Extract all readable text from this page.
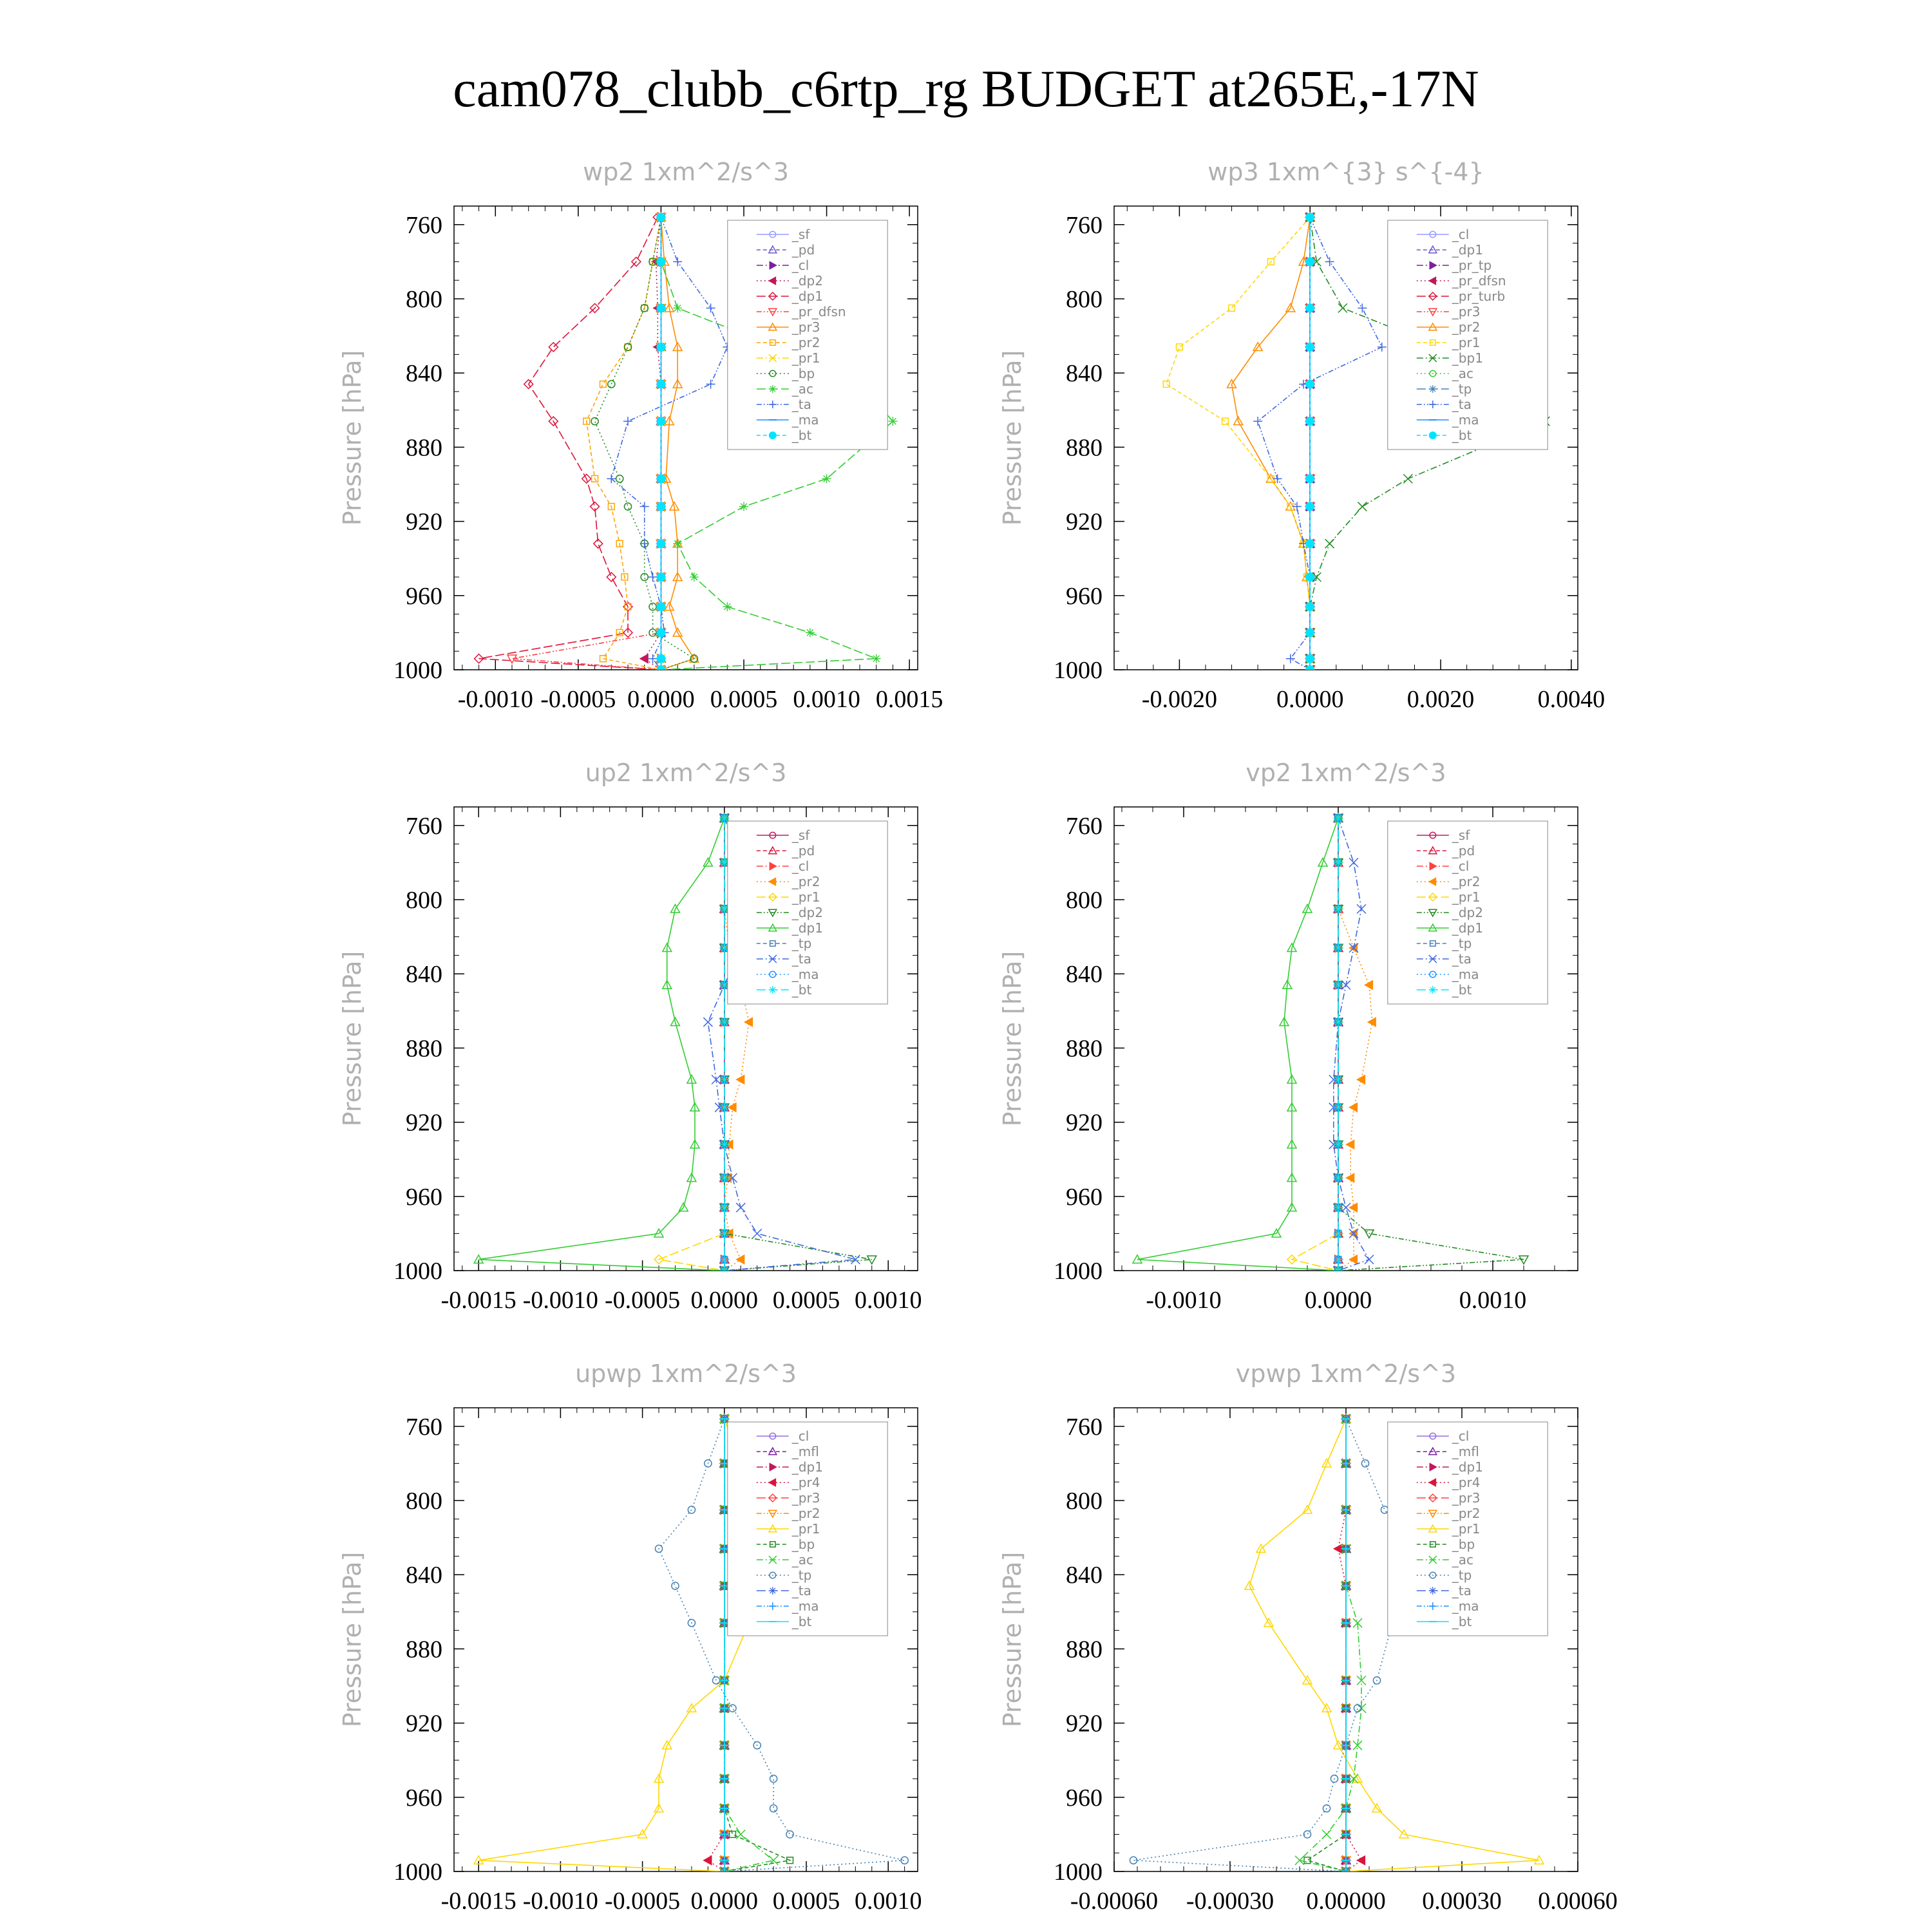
cam078_clubb_c6rtp_rg BUDGET at265E,-17N
wp2 1xm^2/s^3
Pressure [hPa]
760
800
840
880
920
960
1000
-0.0010 -0.0005 0.0000 0.0005 0.0010 0.0015
_sf
_pd
_cl
_dp2
_dp1
_pr_dfsn
_pr3
_pr2
_pr1
_bp
_ac
_ta
_ma
_bt
wp3 1xm^{3} s^{-4}
Pressure [hPa]
760
800
840
880
920
960
1000
-0.0020 0.0000	0.0020	0.0040
_cl
_dp1
_pr_tp
_pr_dfsn
_pr_turb
_pr3
_pr2
_pr1
_bp1
_ac
_tp
_ta
_ma
_bt
up2 1xm^2/s^3
Pressure [hPa]
760
800
840
880
920
960
1000
-0.0015 -0.0010 -0.0005 0.0000 0.0005 0.0010
_sf
_pd
_cl
_pr2
_pr1
_dp2
_dp1
_tp
_ta
_ma
_bt
vp2 1xm^2/s^3
Pressure [hPa]
760
800
840
880
920
960
1000
-0.0010	0.0000	0.0010
_sf
_pd
_cl
_pr2
_pr1
_dp2
_dp1
_tp
_ta
_ma
_bt
upwp 1xm^2/s^3
Pressure [hPa]
760
800
840
880
920
960
1000
-0.0015 -0.0010 -0.0005 0.0000 0.0005 0.0010
_cl
_mfl
_dp1
_pr4
_pr3
_pr2
_pr1
_bp
_ac
_tp
_ta
_ma
_bt
vpwp 1xm^2/s^3
Pressure [hPa]
760
800
840
880
920
960
1000
-0.00060 -0.00030 0.00000 0.00030 0.00060
_cl
_mfl
_dp1
_pr4
_pr3
_pr2
_pr1
_bp
_ac
_tp
_ta
_ma
_bt
